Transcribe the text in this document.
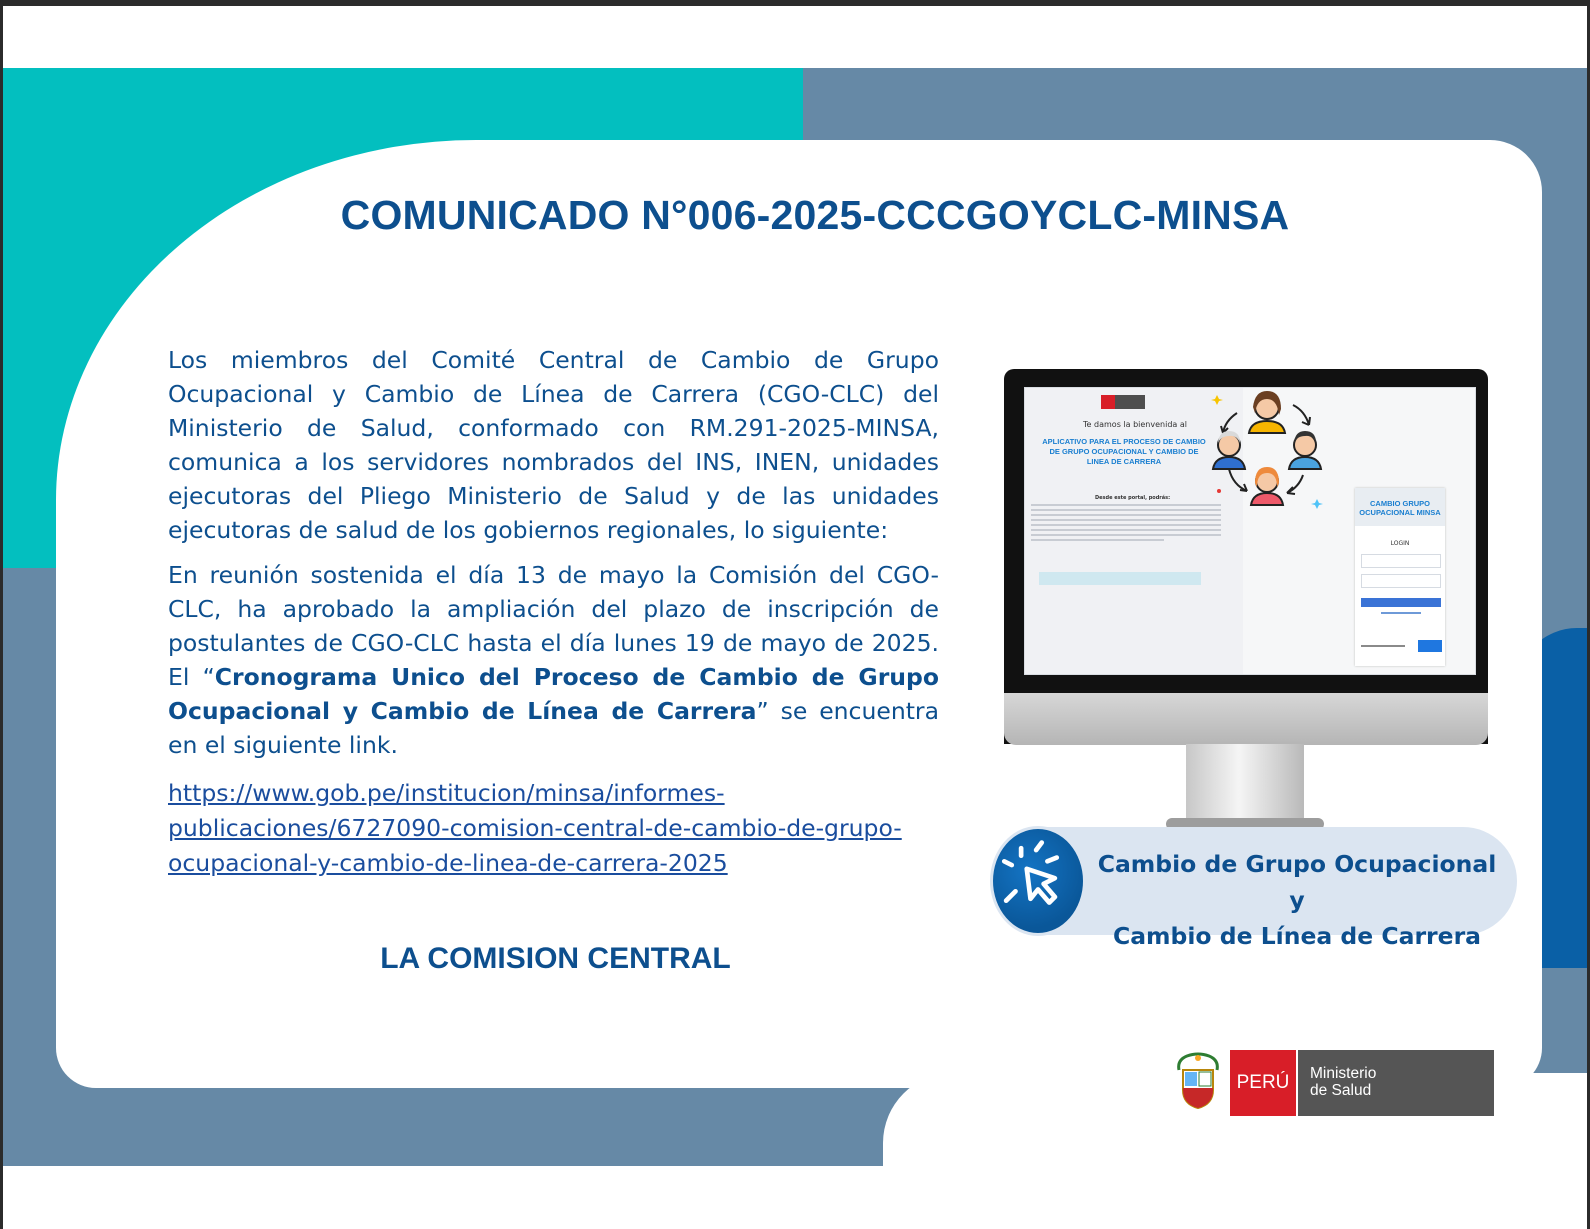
COMUNICADO N°006-2025-CCCGOYCLC-MINSA

Los miembros del Comité Central de Cambio de Grupo Ocupacional y Cambio de Línea de Carrera (CGO-CLC) del Ministerio de Salud, conformado con RM.291-2025-MINSA, comunica a los servidores nombrados del INS, INEN, unidades ejecutoras del Pliego Ministerio de Salud y de las unidades ejecutoras de salud de los gobiernos regionales, lo siguiente:

En reunión sostenida el día 13 de mayo la Comisión del CGO-CLC, ha aprobado la ampliación del plazo de inscripción de postulantes de CGO-CLC hasta el día lunes 19 de mayo de 2025. El “Cronograma Unico del Proceso de Cambio de Grupo Ocupacional y Cambio de Línea de Carrera” se encuentra en el siguiente link.

https://www.gob.pe/institucion/minsa/informes-
publicaciones/6727090-comision-central-de-cambio-de-grupo-
ocupacional-y-cambio-de-linea-de-carrera-2025
LA COMISION CENTRAL
Te damos la bienvenida al
APLICATIVO PARA EL PROCESO DE CAMBIO
DE GRUPO OCUPACIONAL Y CAMBIO DE
LINEA DE CARRERA
Desde este portal, podrás:
CAMBIO GRUPO
OCUPACIONAL MINSA
LOGIN
Cambio de Grupo Ocupacional y
Cambio de Línea de Carrera
PERÚ	Ministerio
de Salud
